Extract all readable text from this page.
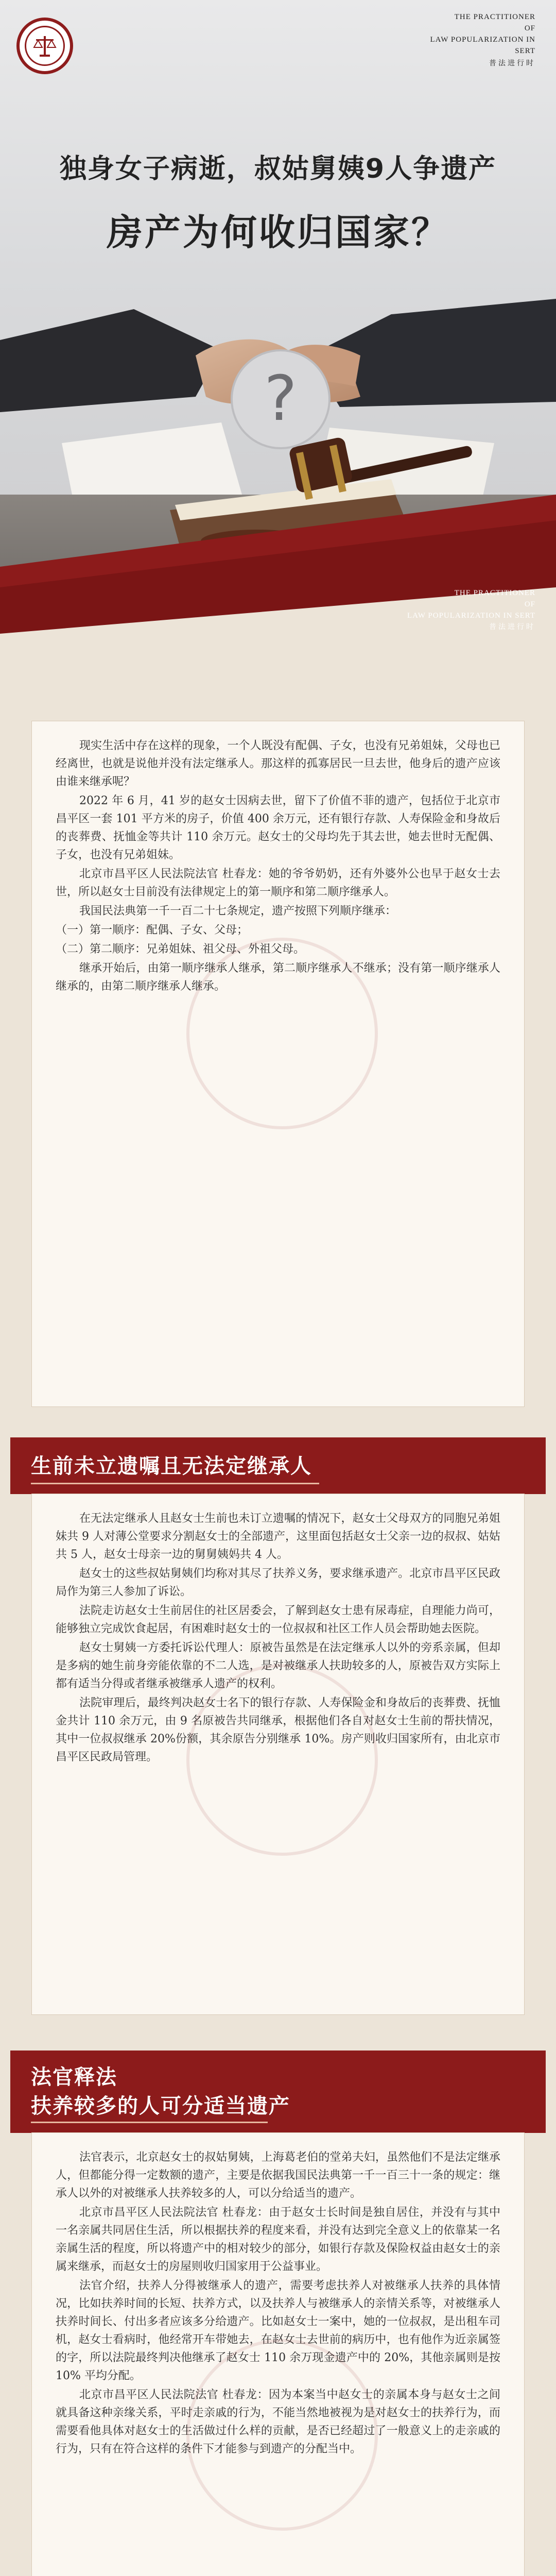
THE PRACTITIONER
OF
LAW POPULARIZATION IN SERT
普法进行时
独身女子病逝，叔姑舅姨9人争遗产
房产为何收归国家？
?
THE PRACTITIONER
OF
LAW POPULARIZATION IN SERT
普法进行时

现实生活中存在这样的现象，一个人既没有配偶、子女，也没有兄弟姐妹，父母也已经离世，也就是说他并没有法定继承人。那这样的孤寡居民一旦去世，他身后的遗产应该由谁来继承呢？

2022 年 6 月，41 岁的赵女士因病去世，留下了价值不菲的遗产，包括位于北京市昌平区一套 101 平方米的房子，价值 400 余万元，还有银行存款、人寿保险金和身故后的丧葬费、抚恤金等共计 110 余万元。赵女士的父母均先于其去世，她去世时无配偶、子女，也没有兄弟姐妹。

北京市昌平区人民法院法官 杜春龙：她的爷爷奶奶，还有外婆外公也早于赵女士去世，所以赵女士目前没有法律规定上的第一顺序和第二顺序继承人。

我国民法典第一千一百二十七条规定，遗产按照下列顺序继承：

（一）第一顺序：配偶、子女、父母；

（二）第二顺序：兄弟姐妹、祖父母、外祖父母。

继承开始后，由第一顺序继承人继承，第二顺序继承人不继承；没有第一顺序继承人继承的，由第二顺序继承人继承。

生前未立遗嘱且无法定继承人

在无法定继承人且赵女士生前也未订立遗嘱的情况下，赵女士父母双方的同胞兄弟姐妹共 9 人对薄公堂要求分割赵女士的全部遗产，这里面包括赵女士父亲一边的叔叔、姑姑共 5 人，赵女士母亲一边的舅舅姨妈共 4 人。

赵女士的这些叔姑舅姨们均称对其尽了扶养义务，要求继承遗产。北京市昌平区民政局作为第三人参加了诉讼。

法院走访赵女士生前居住的社区居委会，了解到赵女士患有尿毒症，自理能力尚可，能够独立完成饮食起居，有困难时赵女士的一位叔叔和社区工作人员会帮助她去医院。

赵女士舅姨一方委托诉讼代理人：原被告虽然是在法定继承人以外的旁系亲属，但却是多病的她生前身旁能依靠的不二人选，是对被继承人扶助较多的人，原被告双方实际上都有适当分得或者继承被继承人遗产的权利。

法院审理后，最终判决赵女士名下的银行存款、人寿保险金和身故后的丧葬费、抚恤金共计 110 余万元，由 9 名原被告共同继承，根据他们各自对赵女士生前的帮扶情况，其中一位叔叔继承 20%份额，其余原告分别继承 10%。房产则收归国家所有，由北京市昌平区民政局管理。

法官释法
扶养较多的人可分适当遗产

法官表示，北京赵女士的叔姑舅姨，上海葛老伯的堂弟夫妇，虽然他们不是法定继承人，但都能分得一定数额的遗产，主要是依据我国民法典第一千一百三十一条的规定：继承人以外的对被继承人扶养较多的人，可以分给适当的遗产。

北京市昌平区人民法院法官 杜春龙：由于赵女士长时间是独自居住，并没有与其中一名亲属共同居住生活，所以根据扶养的程度来看，并没有达到完全意义上的依靠某一名亲属生活的程度，所以将遗产中的相对较少的部分，如银行存款及保险权益由赵女士的亲属来继承，而赵女士的房屋则收归国家用于公益事业。

法官介绍，扶养人分得被继承人的遗产，需要考虑扶养人对被继承人扶养的具体情况，比如扶养时间的长短、扶养方式，以及扶养人与被继承人的亲情关系等，对被继承人扶养时间长、付出多者应该多分给遗产。比如赵女士一案中，她的一位叔叔，是出租车司机，赵女士看病时，他经常开车带她去，在赵女士去世前的病历中，也有他作为近亲属签的字，所以法院最终判决他继承了赵女士 110 余万现金遗产中的 20%，其他亲属则是按 10% 平均分配。

北京市昌平区人民法院法官 杜春龙：因为本案当中赵女士的亲属本身与赵女士之间就具备这种亲缘关系，平时走亲戚的行为，不能当然地被视为是对赵女士的扶养行为，而需要看他具体对赵女士的生活做过什么样的贡献，是否已经超过了一般意义上的走亲戚的行为，只有在符合这样的条件下才能参与到遗产的分配当中。
